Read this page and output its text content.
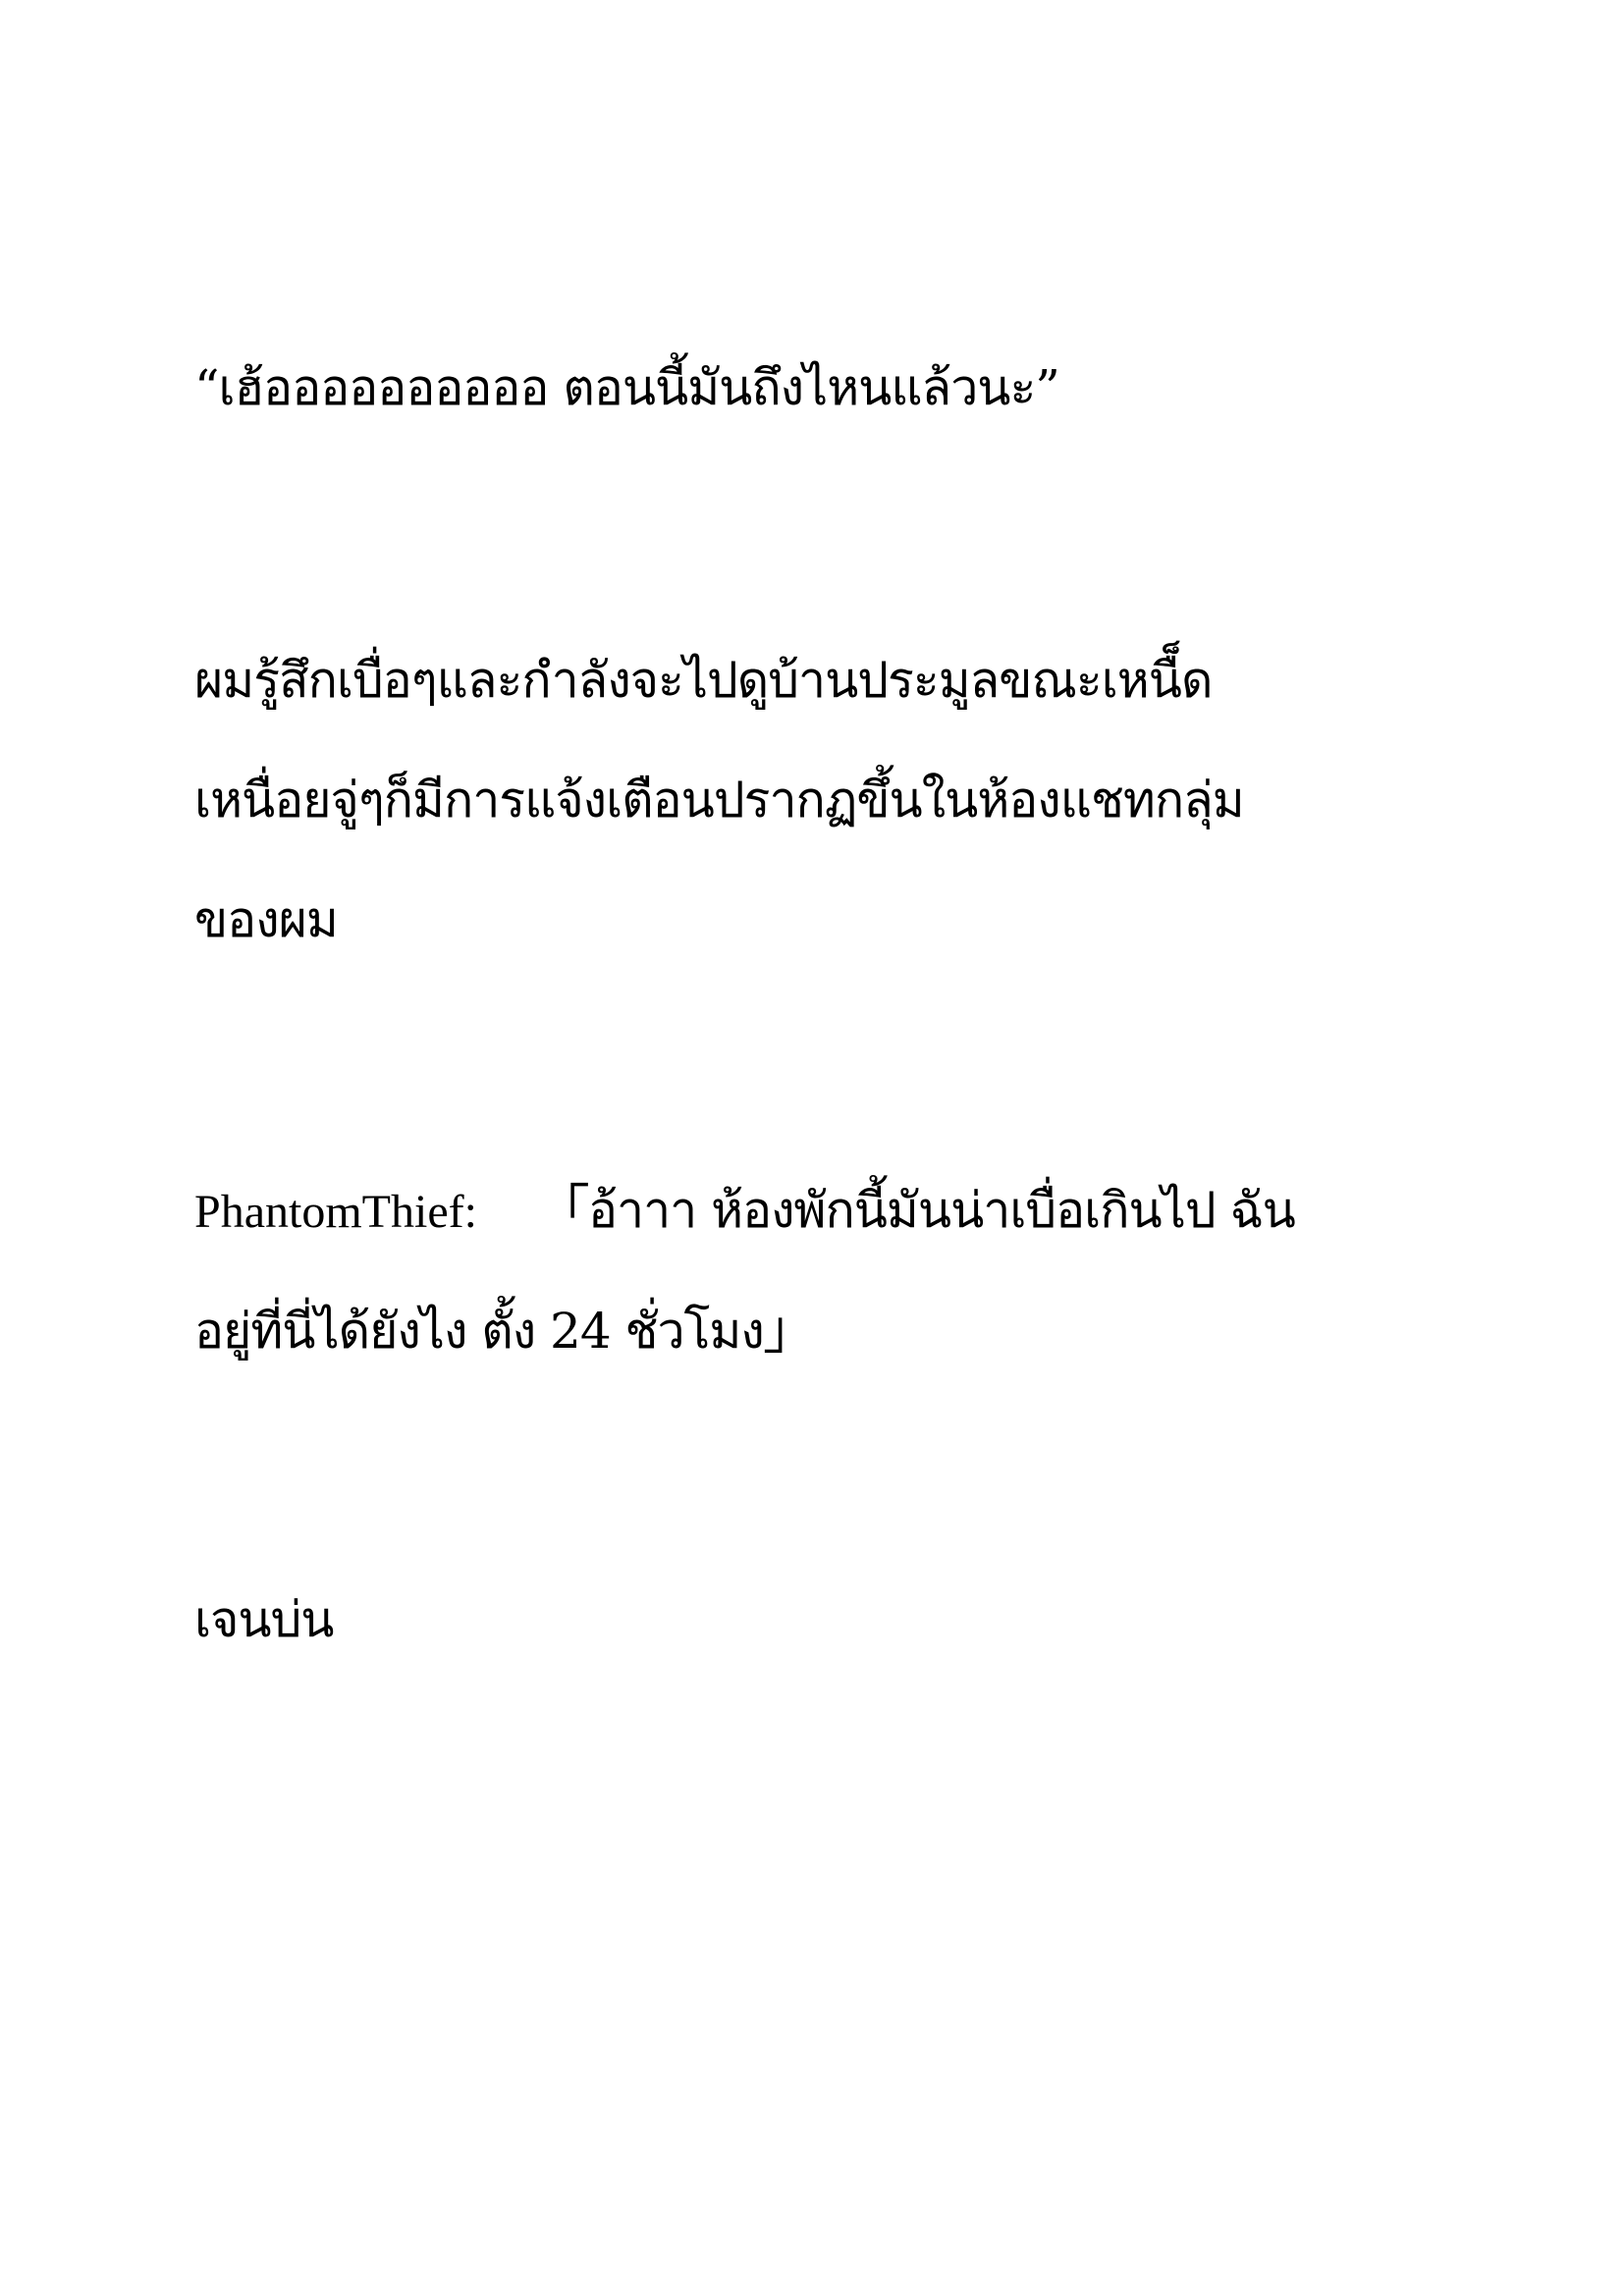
“เฮ้ออออออออออ ตอนนี้มันถึงไหนแล้วนะ”
ผมรู้สึกเบื่อๆและกำลังจะไปดูบ้านประมูลขณะเหนื็ด
เหนื่อยจู่ๆก็มีการแจ้งเตือนปรากฏขึ้นในห้องแชทกลุ่ม
ของผม
PhantomThief: 「อ้าาา ห้องพักนี้มันน่าเบื่อเกินไป ฉัน
อยู่ที่นี่ได้ยังไง ตั้ง 24 ชั่วโมง」
เจนบ่น
